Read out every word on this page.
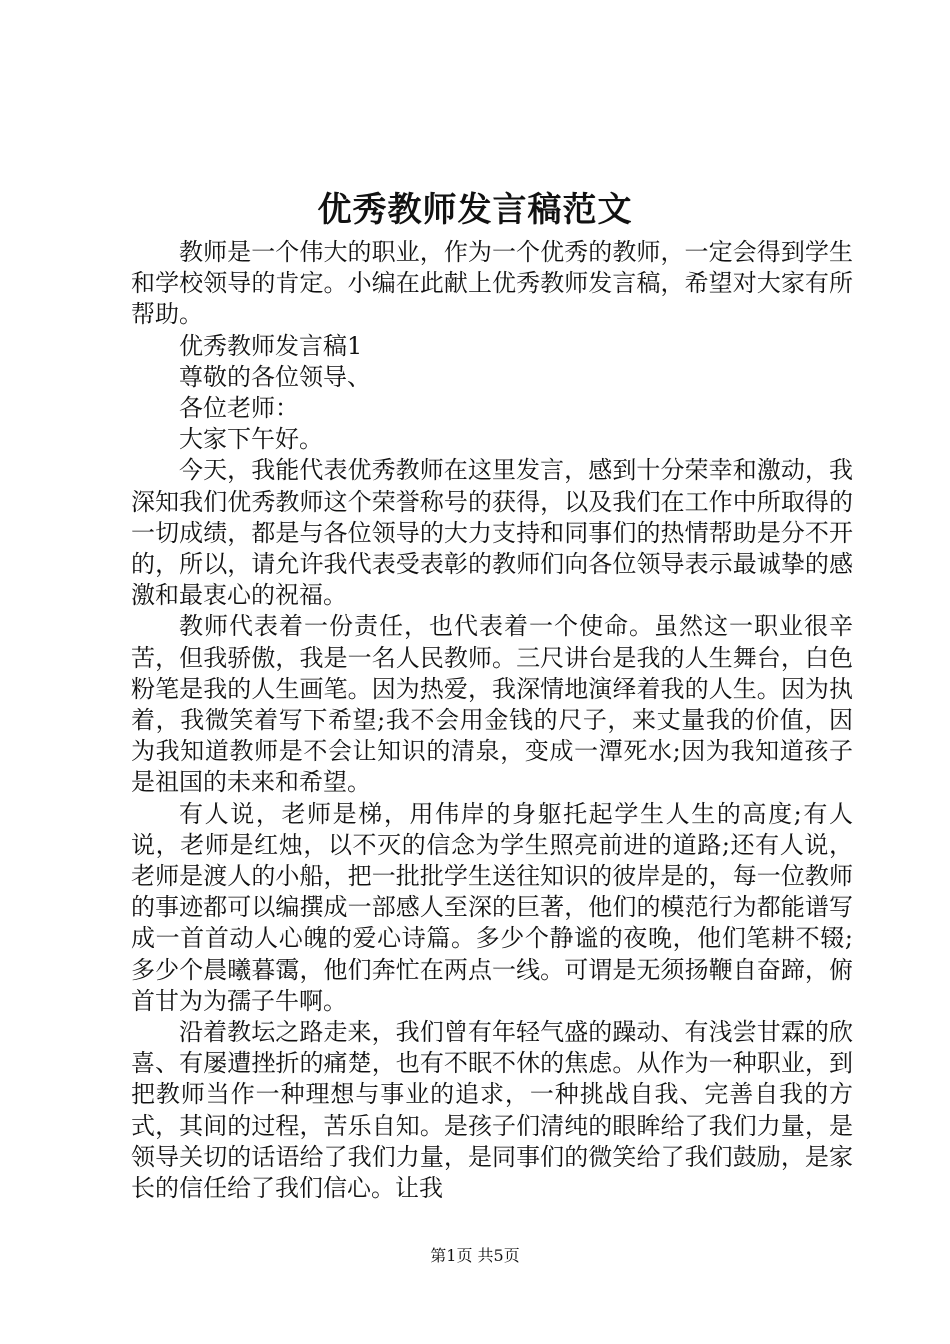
优秀教师发言稿范文

教师是一个伟大的职业，作为一个优秀的教师，一定会得到学生和学校领导的肯定。小编在此献上优秀教师发言稿，希望对大家有所帮助。

优秀教师发言稿1

尊敬的各位领导、

各位老师：

大家下午好。

今天，我能代表优秀教师在这里发言，感到十分荣幸和激动，我深知我们优秀教师这个荣誉称号的获得，以及我们在工作中所取得的一切成绩，都是与各位领导的大力支持和同事们的热情帮助是分不开的，所以，请允许我代表受表彰的教师们向各位领导表示最诚挚的感激和最衷心的祝福。

教师代表着一份责任，也代表着一个使命。虽然这一职业很辛苦，但我骄傲，我是一名人民教师。三尺讲台是我的人生舞台，白色粉笔是我的人生画笔。因为热爱，我深情地演绎着我的人生。因为执着，我微笑着写下希望;我不会用金钱的尺子，来丈量我的价值，因为我知道教师是不会让知识的清泉，变成一潭死水;因为我知道孩子是祖国的未来和希望。

有人说，老师是梯，用伟岸的身躯托起学生人生的高度;有人说，老师是红烛，以不灭的信念为学生照亮前进的道路;还有人说，老师是渡人的小船，把一批批学生送往知识的彼岸是的，每一位教师的事迹都可以编撰成一部感人至深的巨著，他们的模范行为都能谱写成一首首动人心魄的爱心诗篇。多少个静谧的夜晚，他们笔耕不辍;多少个晨曦暮霭，他们奔忙在两点一线。可谓是无须扬鞭自奋蹄，俯首甘为为孺子牛啊。

沿着教坛之路走来，我们曾有年轻气盛的躁动、有浅尝甘霖的欣喜、有屡遭挫折的痛楚，也有不眠不休的焦虑。从作为一种职业，到把教师当作一种理想与事业的追求，一种挑战自我、完善自我的方式，其间的过程，苦乐自知。是孩子们清纯的眼眸给了我们力量，是领导关切的话语给了我们力量，是同事们的微笑给了我们鼓励，是家长的信任给了我们信心。让我

第1页 共5页
